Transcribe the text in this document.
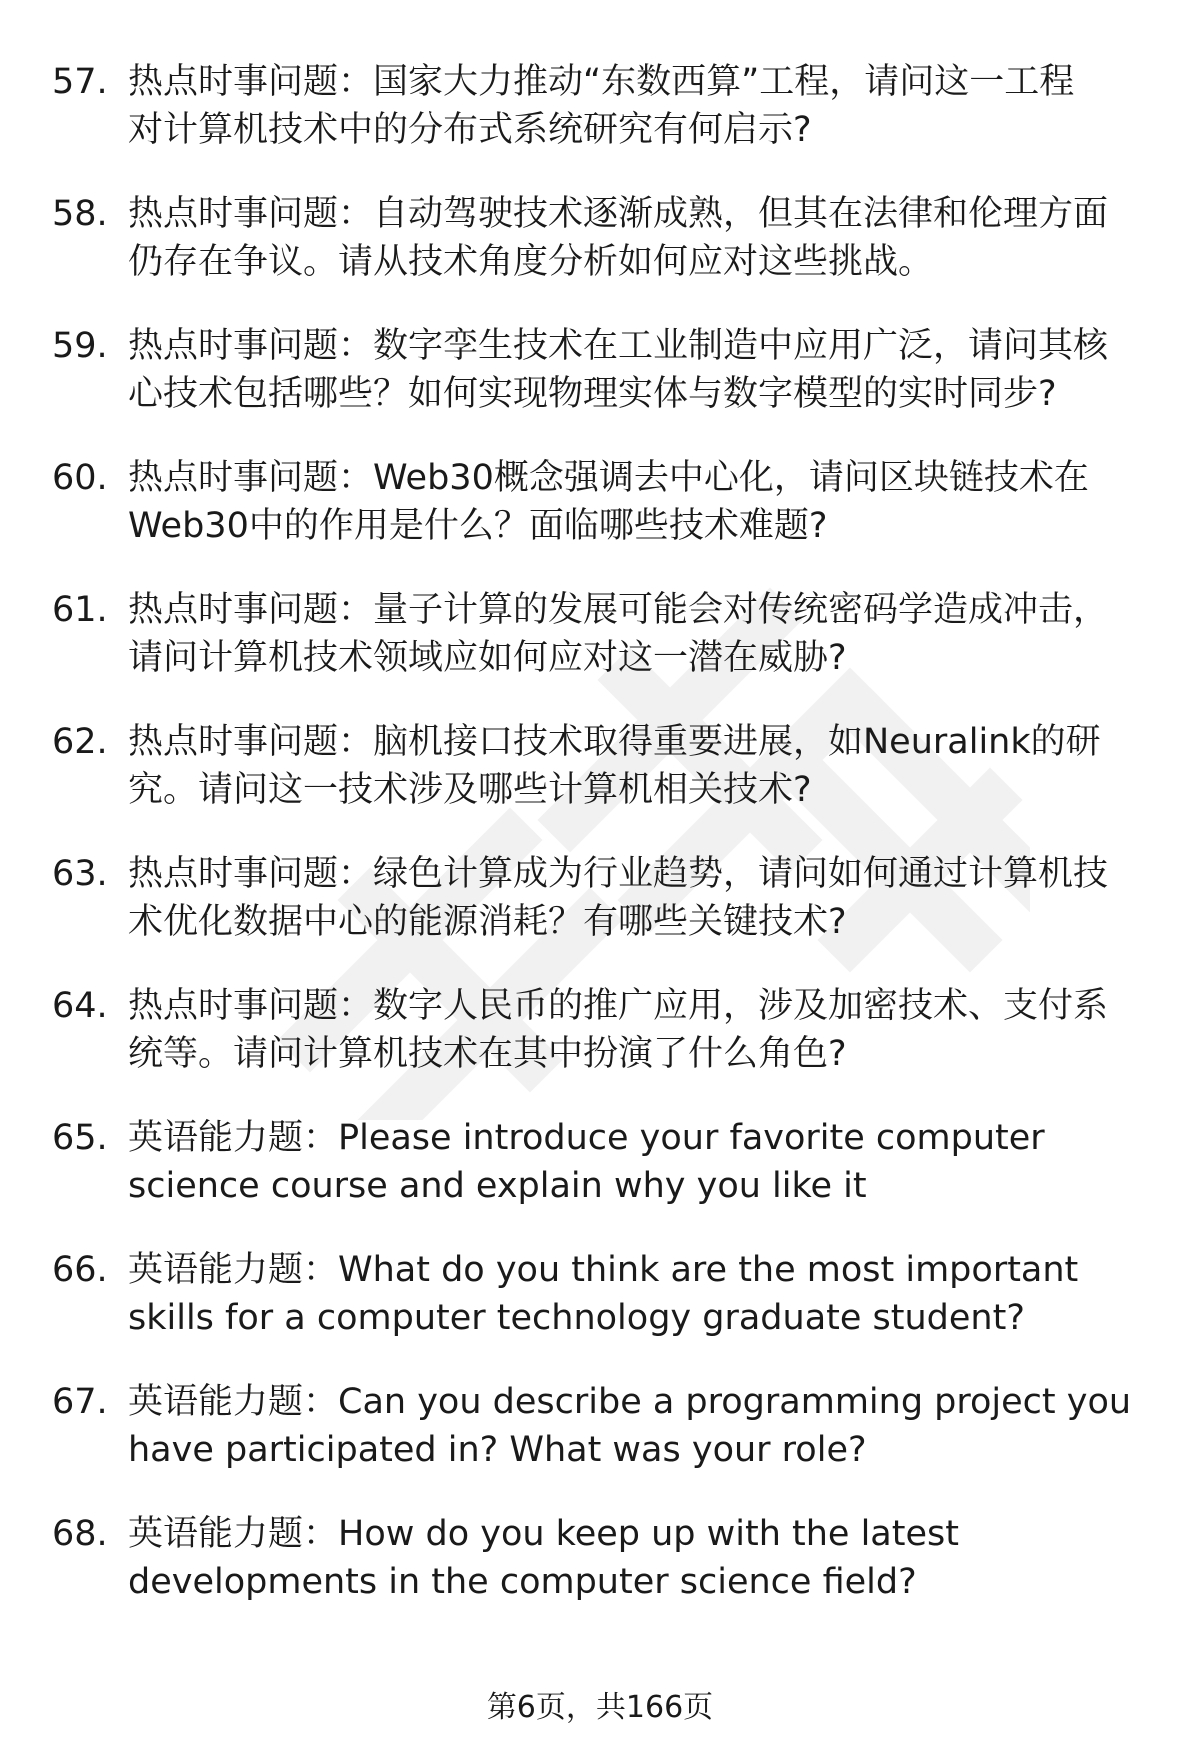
57. 热点时事问题：国家大力推动“东数西算”工程，请问这一工程
对计算机技术中的分布式系统研究有何启示?
58. 热点时事问题：自动驾驶技术逐渐成熟，但其在法律和伦理方面
仍存在争议。请从技术角度分析如何应对这些挑战。
59. 热点时事问题：数字孪生技术在工业制造中应用广泛，请问其核
心技术包括哪些？如何实现物理实体与数字模型的实时同步?
60. 热点时事问题：Web30概念强调去中心化，请问区块链技术在
Web30中的作用是什么？面临哪些技术难题?
61. 热点时事问题：量子计算的发展可能会对传统密码学造成冲击，
请问计算机技术领域应如何应对这一潜在威胁?
62. 热点时事问题：脑机接口技术取得重要进展，如Neuralink的研
究。请问这一技术涉及哪些计算机相关技术?
63. 热点时事问题：绿色计算成为行业趋势，请问如何通过计算机技
术优化数据中心的能源消耗？有哪些关键技术?
64. 热点时事问题：数字人民币的推广应用，涉及加密技术、支付系
统等。请问计算机技术在其中扮演了什么角色?
65. 英语能力题：Please introduce your favorite computer
science course and explain why you like it
66. 英语能力题：What do you think are the most important
skills for a computer technology graduate student?
67. 英语能力题：Can you describe a programming project you
have participated in? What was your role?
68. 英语能力题：How do you keep up with the latest
developments in the computer science field?
第6页，共166页
